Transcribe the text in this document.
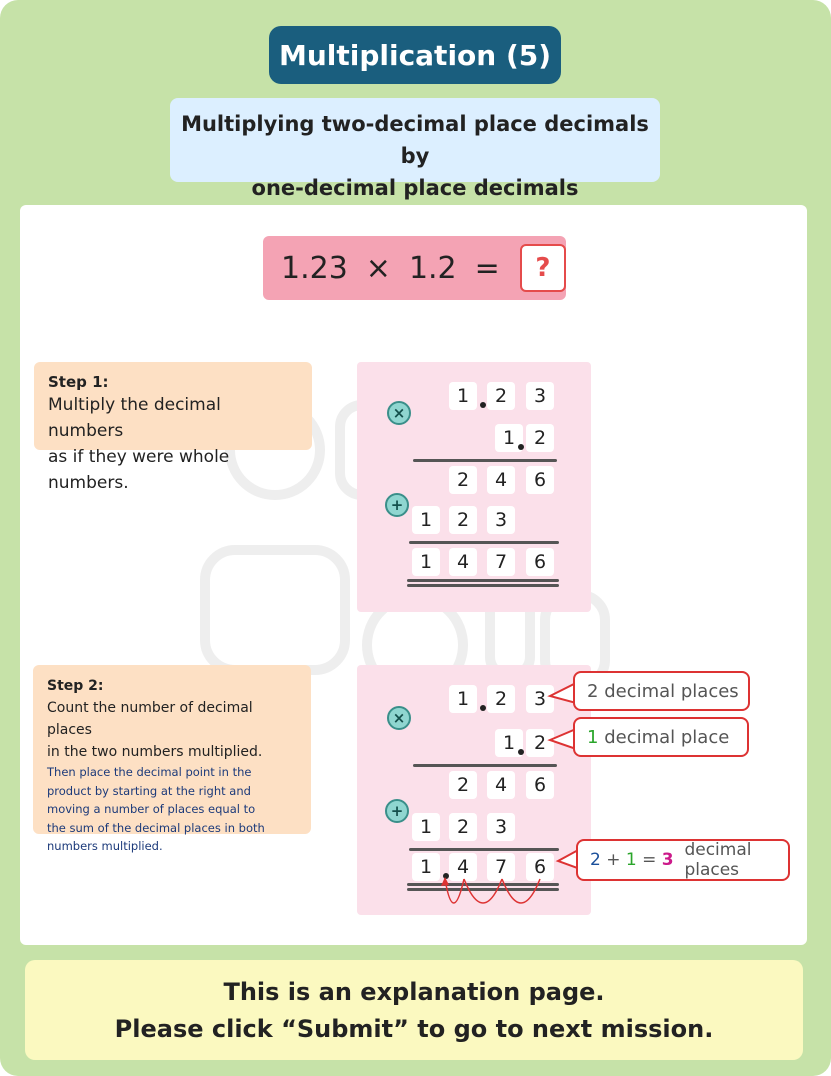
Multiplication (5)
Multiplying two-decimal place decimals by
one-decimal place decimals
1.23 × 1.2 =	?
Step 1:
Multiply the decimal numbers
as if they were whole numbers.
Step 2:
Count the number of decimal places
in the two numbers multiplied.
Then place the decimal point in the
product by starting at the right and
moving a number of places equal to
the sum of the decimal places in both
numbers multiplied.
1	2	3
×
1 2
2	4	6
+
1	2	3
1	4	7	6
1	2	3
×
1 2
2	4	6
+
1	2	3
1	4	7	6
2
decimal places
1
decimal place
2
+
1
=
3
decimal places
This is an explanation page.
Please click “Submit” to go to next mission.
